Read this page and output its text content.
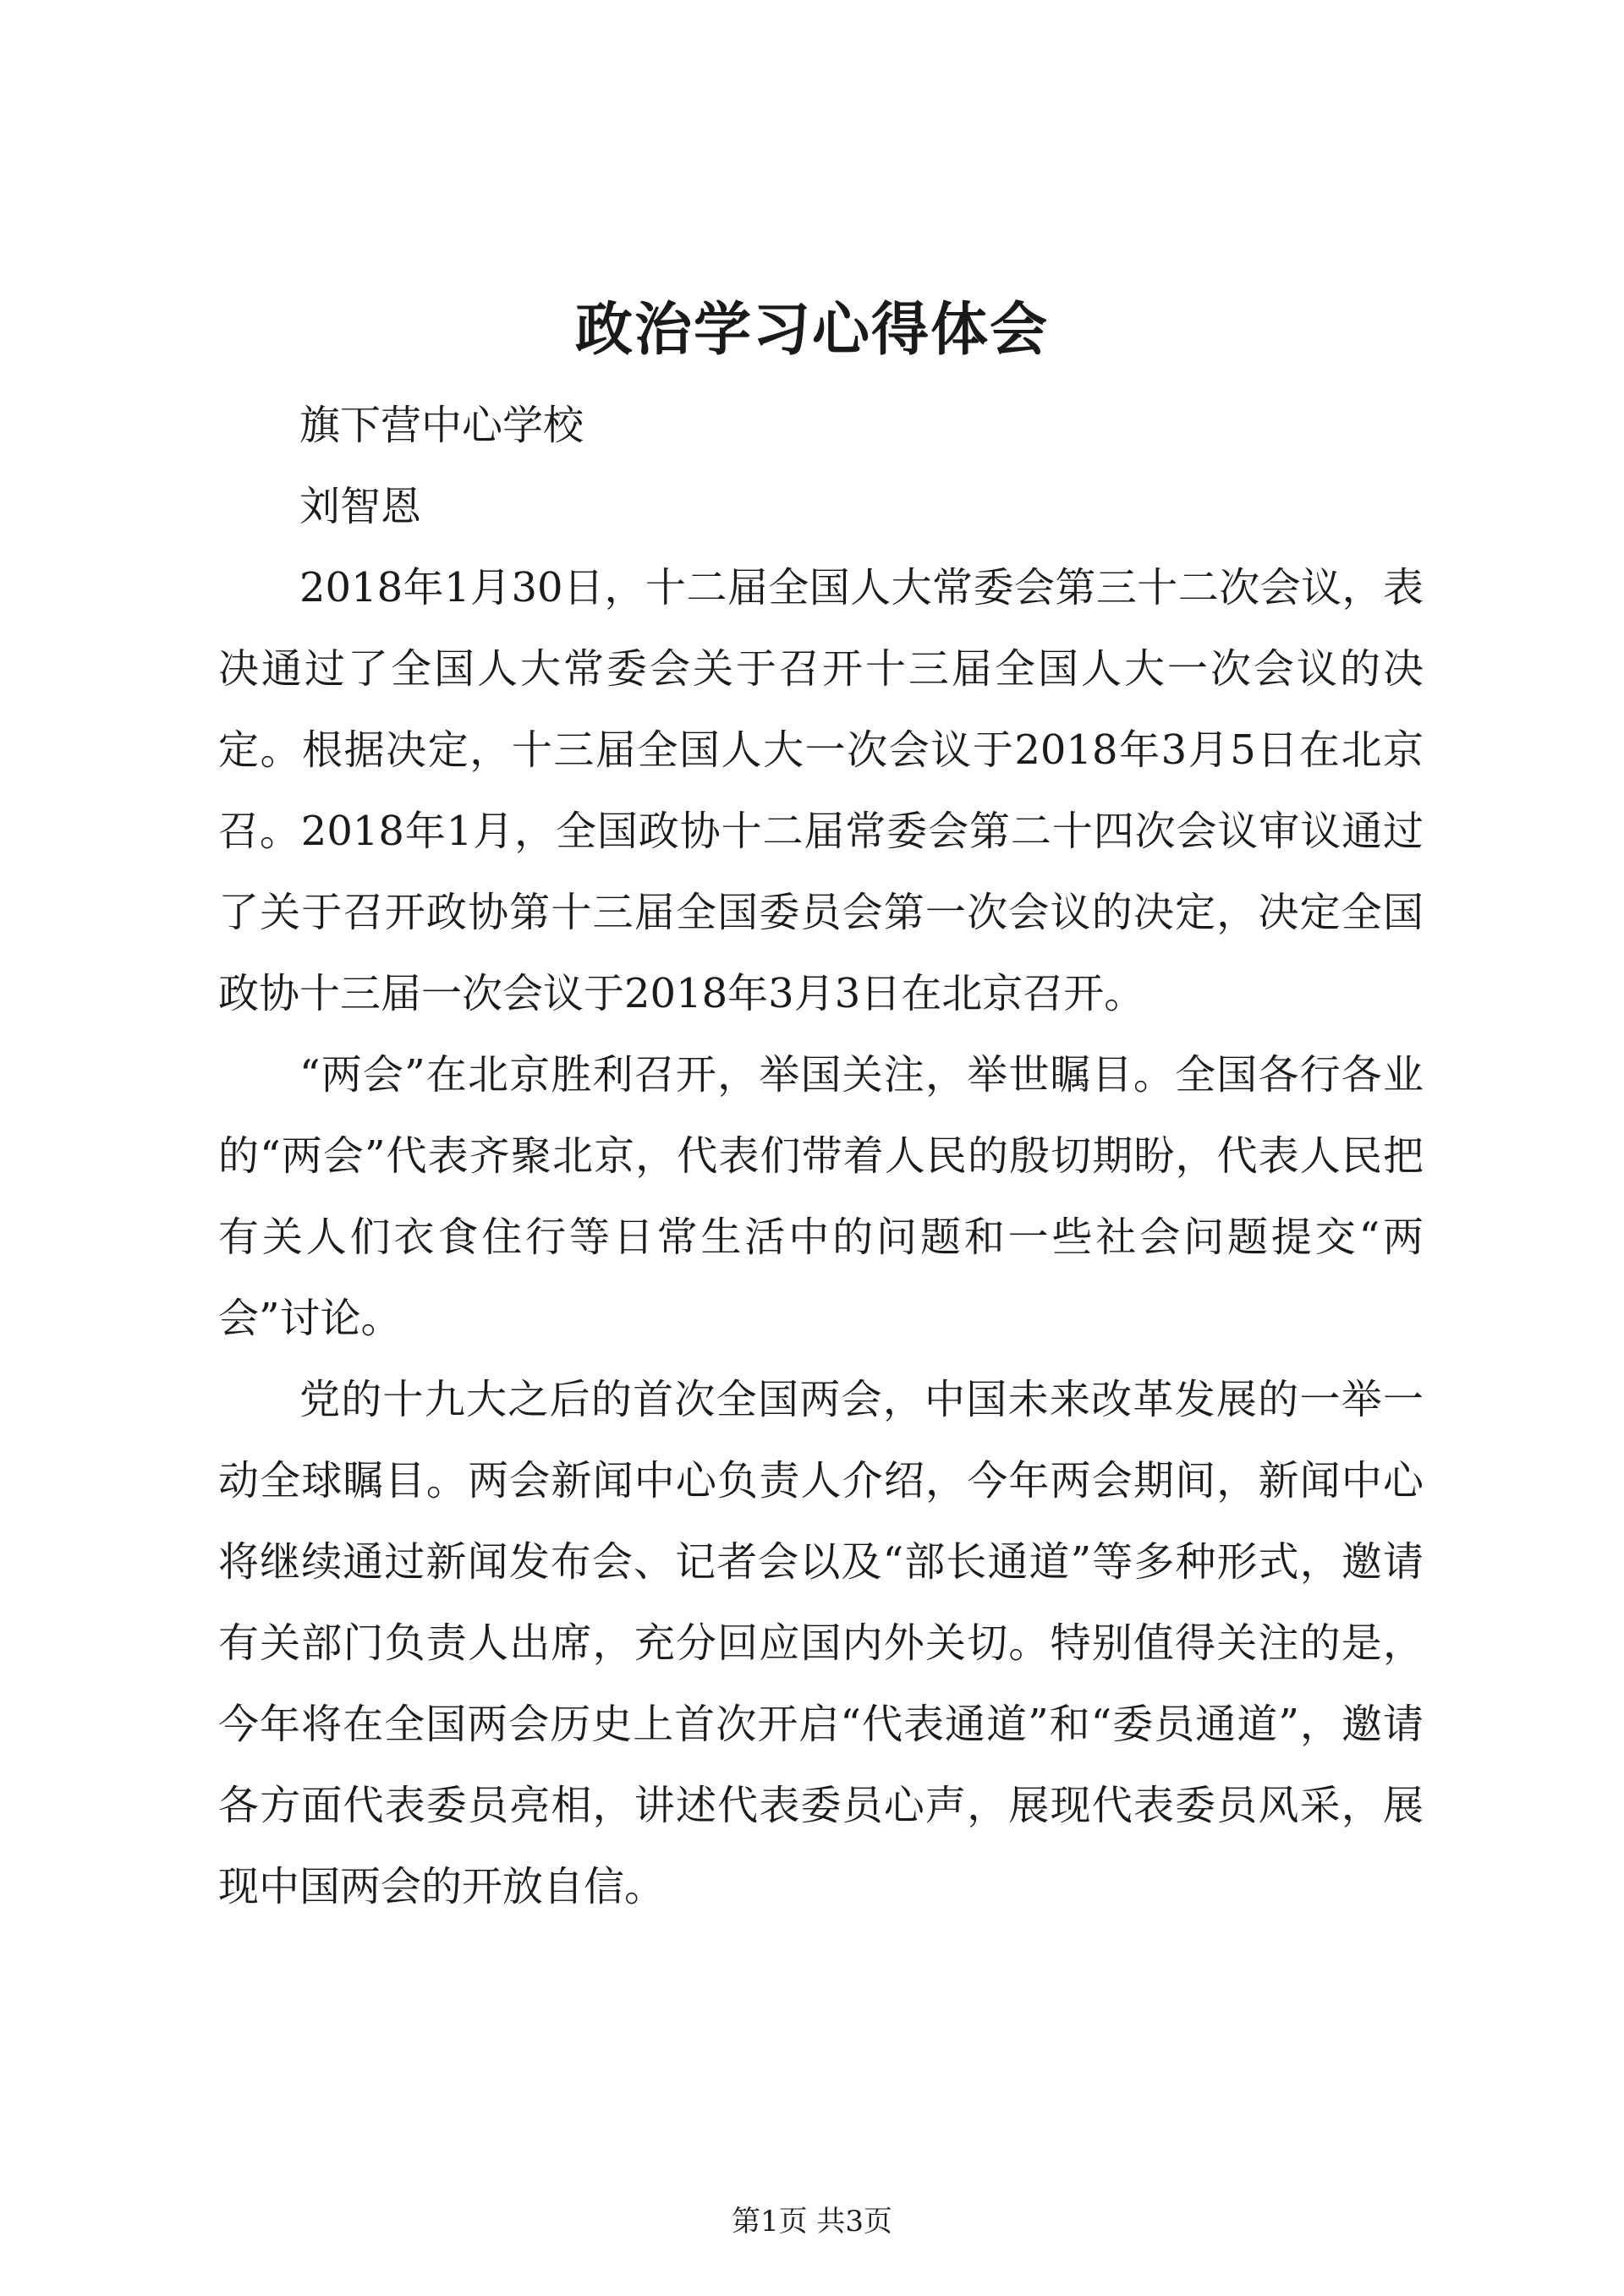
政治学习心得体会

旗下营中心学校

刘智恩

2018年1月30日，十二届全国人大常委会第三十二次会议，表决通过了全国人大常委会关于召开十三届全国人大一次会议的决定。根据决定，十三届全国人大一次会议于2018年3月5日在北京召。2018年1月，全国政协十二届常委会第二十四次会议审议通过了关于召开政协第十三届全国委员会第一次会议的决定，决定全国政协十三届一次会议于2018年3月3日在北京召开。

“两会”在北京胜利召开，举国关注，举世瞩目。全国各行各业的“两会”代表齐聚北京，代表们带着人民的殷切期盼，代表人民把有关人们衣食住行等日常生活中的问题和一些社会问题提交“两会”讨论。

党的十九大之后的首次全国两会，中国未来改革发展的一举一动全球瞩目。两会新闻中心负责人介绍，今年两会期间，新闻中心将继续通过新闻发布会、记者会以及“部长通道”等多种形式，邀请有关部门负责人出席，充分回应国内外关切。特别值得关注的是，今年将在全国两会历史上首次开启“代表通道”和“委员通道”，邀请各方面代表委员亮相，讲述代表委员心声，展现代表委员风采，展现中国两会的开放自信。

第1页 共3页
